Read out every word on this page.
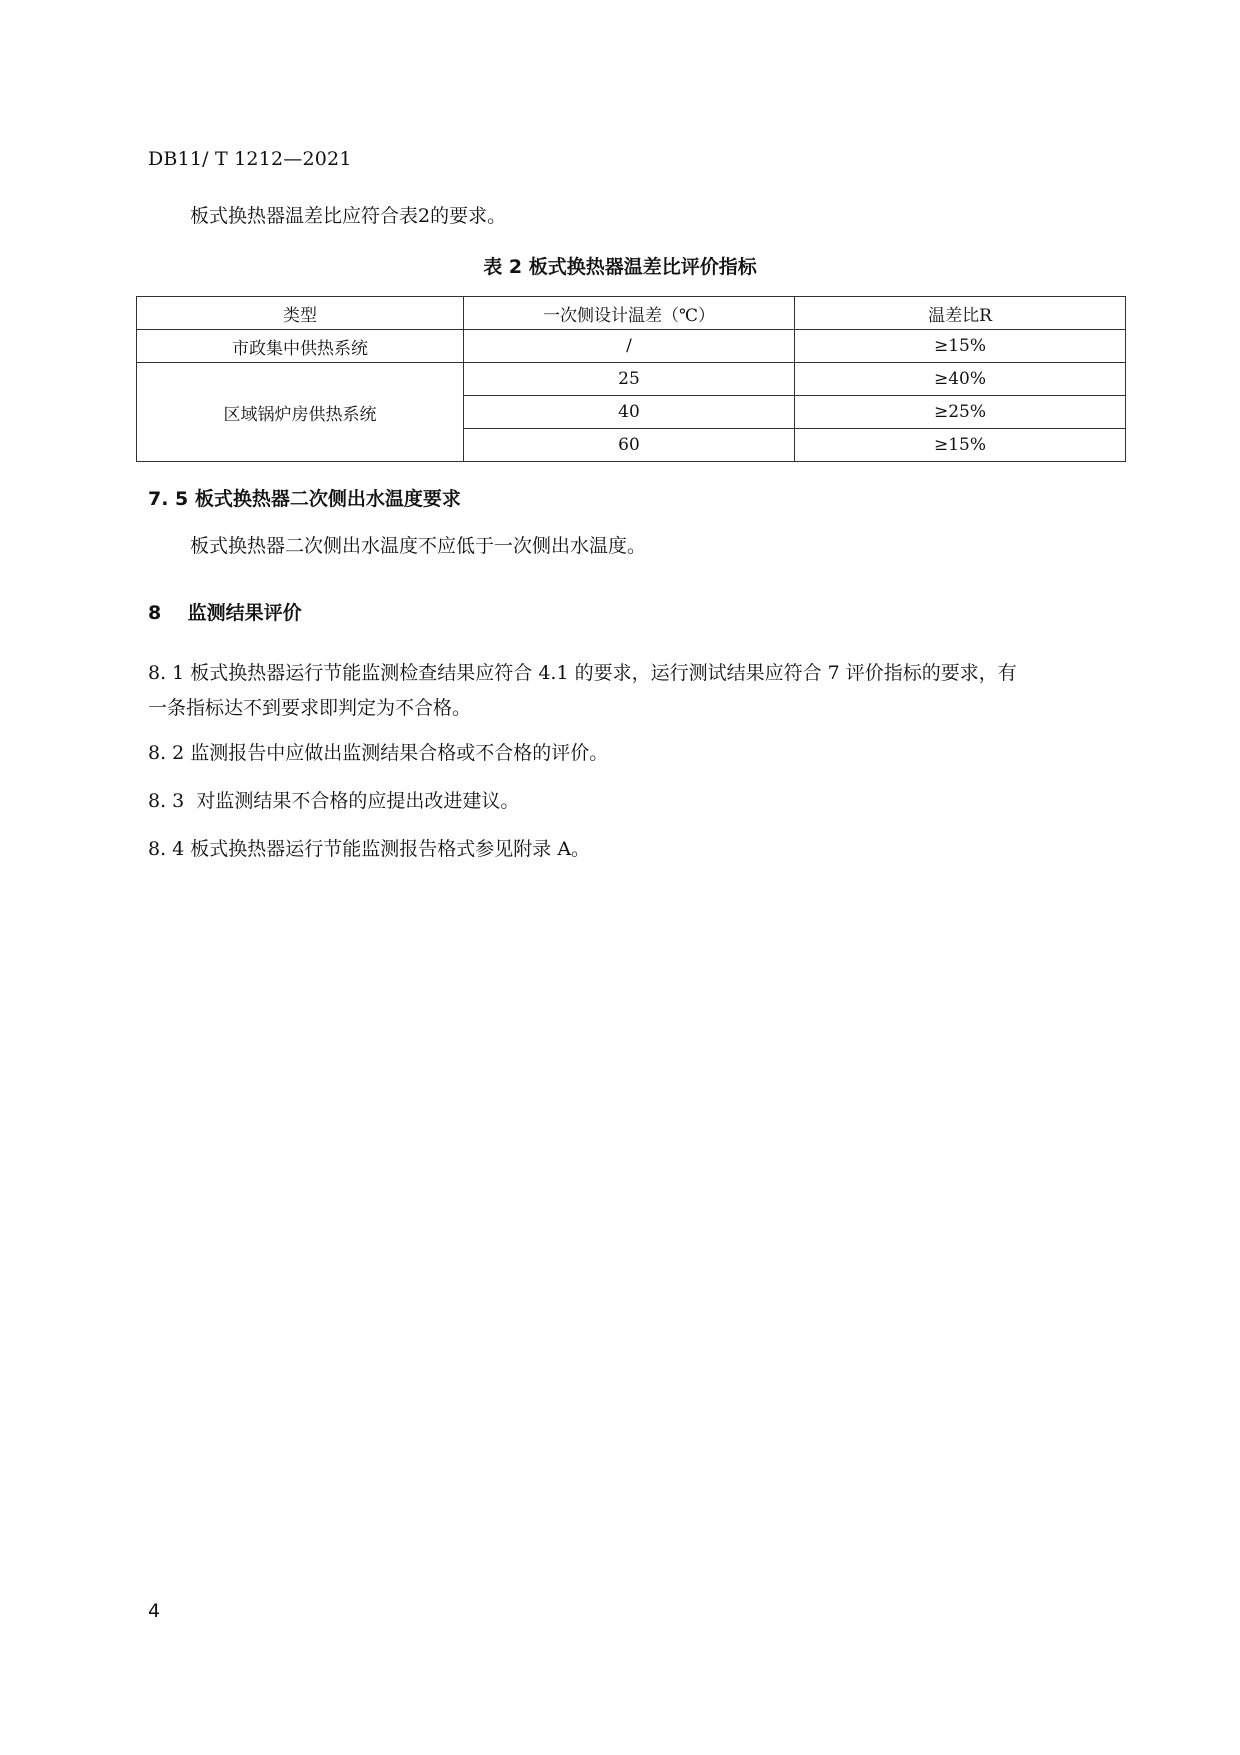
DB11/ T 1212—2021
板式换热器温差比应符合表2的要求。
表 2 板式换热器温差比评价指标
类型	一次侧设计温差（℃）	温差比R
市政集中供热系统	/	≥15%
区域锅炉房供热系统	25	≥40%
	40	≥25%
	60	≥15%
7. 5 板式换热器二次侧出水温度要求
板式换热器二次侧出水温度不应低于一次侧出水温度。
8    监测结果评价
8. 1 板式换热器运行节能监测检查结果应符合 4.1 的要求，运行测试结果应符合 7 评价指标的要求，有
一条指标达不到要求即判定为不合格。
8. 2 监测报告中应做出监测结果合格或不合格的评价。
8. 3  对监测结果不合格的应提出改进建议。
8. 4 板式换热器运行节能监测报告格式参见附录 A。
4
